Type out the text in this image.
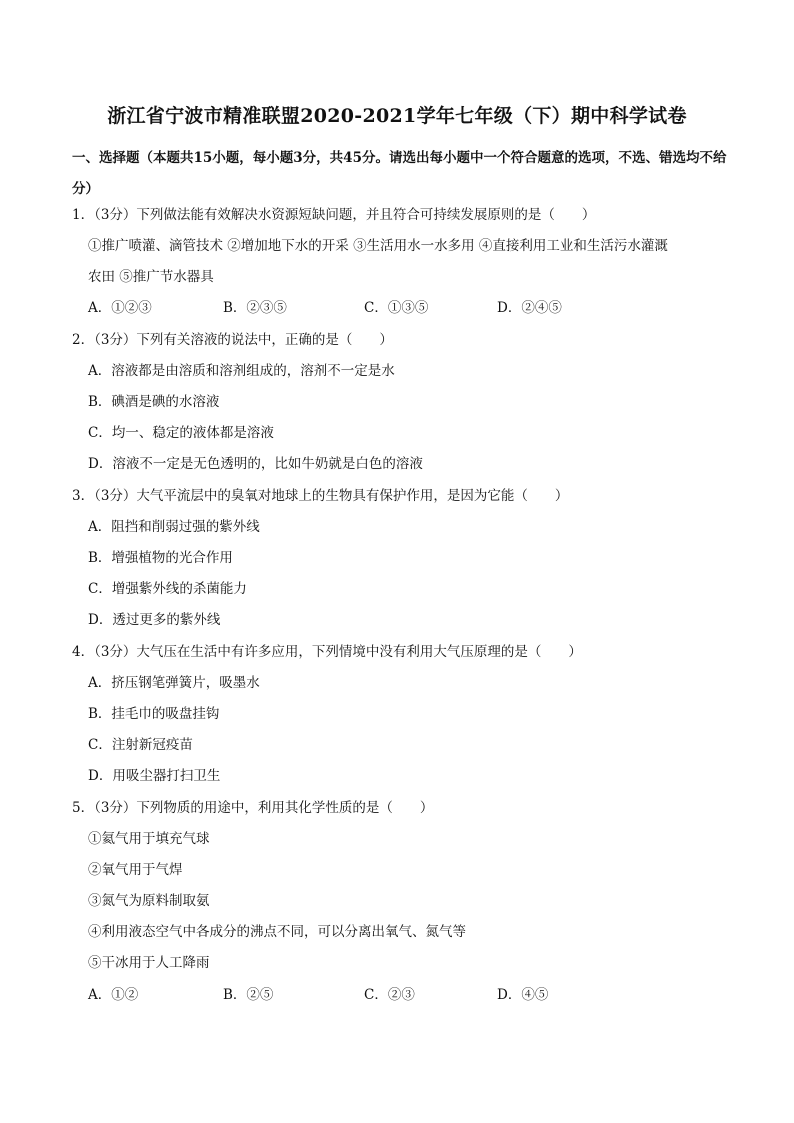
浙江省宁波市精准联盟2020-2021学年七年级（下）期中科学试卷
一、选择题（本题共15小题，每小题3分，共45分。请选出每小题中一个符合题意的选项，不选、错选均不给分）
1．（3分）下列做法能有效解决水资源短缺问题，并且符合可持续发展原则的是（　　）
①推广喷灌、滴管技术 ②增加地下水的开采 ③生活用水一水多用 ④直接利用工业和生活污水灌溉
农田 ⑤推广节水器具
A．①②③	B．②③⑤	C．①③⑤	D．②④⑤
2．（3分）下列有关溶液的说法中，正确的是（　　）
A．溶液都是由溶质和溶剂组成的，溶剂不一定是水
B．碘酒是碘的水溶液
C．均一、稳定的液体都是溶液
D．溶液不一定是无色透明的，比如牛奶就是白色的溶液
3．（3分）大气平流层中的臭氧对地球上的生物具有保护作用，是因为它能（　　）
A．阻挡和削弱过强的紫外线
B．增强植物的光合作用
C．增强紫外线的杀菌能力
D．透过更多的紫外线
4．（3分）大气压在生活中有许多应用，下列情境中没有利用大气压原理的是（　　）
A．挤压钢笔弹簧片，吸墨水
B．挂毛巾的吸盘挂钩
C．注射新冠疫苗
D．用吸尘器打扫卫生
5．（3分）下列物质的用途中，利用其化学性质的是（　　）
①氦气用于填充气球
②氧气用于气焊
③氮气为原料制取氨
④利用液态空气中各成分的沸点不同，可以分离出氧气、氮气等
⑤干冰用于人工降雨
A．①②	B．②⑤	C．②③	D．④⑤
